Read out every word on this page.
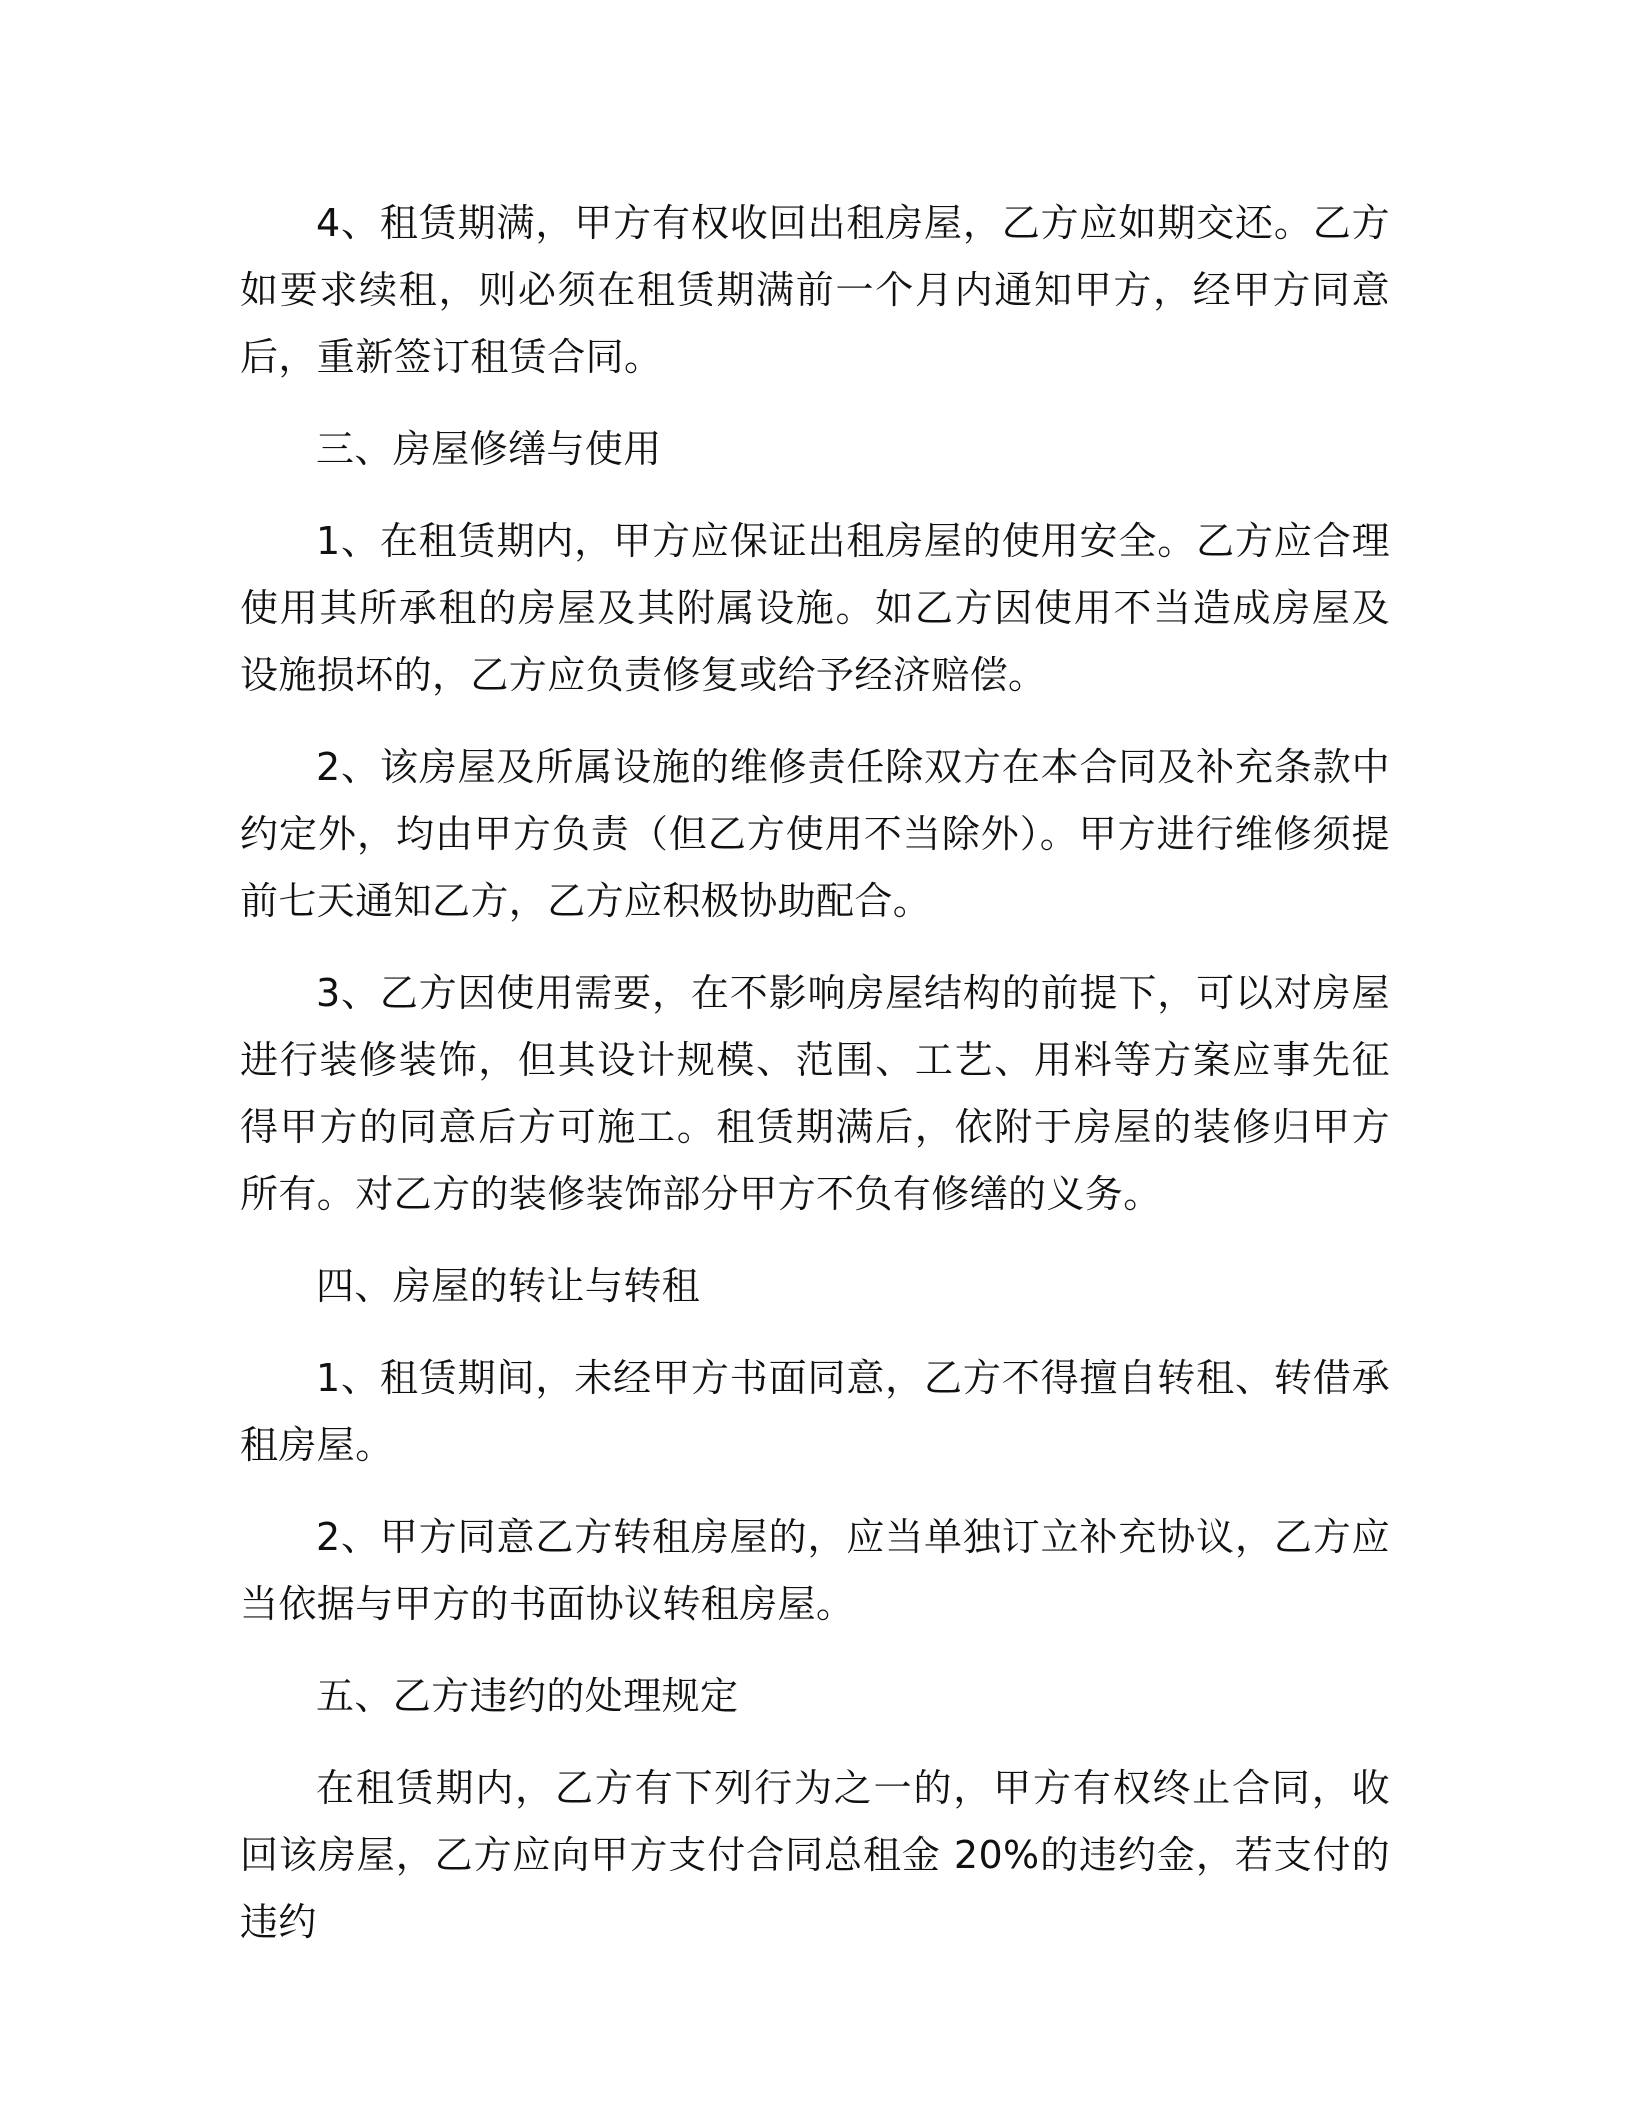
4、租赁期满，甲方有权收回出租房屋，乙方应如期交还。乙方如要求续租，则必须在租赁期满前一个月内通知甲方，经甲方同意后，重新签订租赁合同。

三、房屋修缮与使用

1、在租赁期内，甲方应保证出租房屋的使用安全。乙方应合理使用其所承租的房屋及其附属设施。如乙方因使用不当造成房屋及设施损坏的，乙方应负责修复或给予经济赔偿。

2、该房屋及所属设施的维修责任除双方在本合同及补充条款中约定外，均由甲方负责（但乙方使用不当除外）。甲方进行维修须提前七天通知乙方，乙方应积极协助配合。

3、乙方因使用需要，在不影响房屋结构的前提下，可以对房屋进行装修装饰，但其设计规模、范围、工艺、用料等方案应事先征得甲方的同意后方可施工。租赁期满后，依附于房屋的装修归甲方所有。对乙方的装修装饰部分甲方不负有修缮的义务。

四、房屋的转让与转租

1、租赁期间，未经甲方书面同意，乙方不得擅自转租、转借承租房屋。

2、甲方同意乙方转租房屋的，应当单独订立补充协议，乙方应当依据与甲方的书面协议转租房屋。

五、乙方违约的处理规定

在租赁期内，乙方有下列行为之一的，甲方有权终止合同，收回该房屋，乙方应向甲方支付合同总租金 20%的违约金，若支付的违约
